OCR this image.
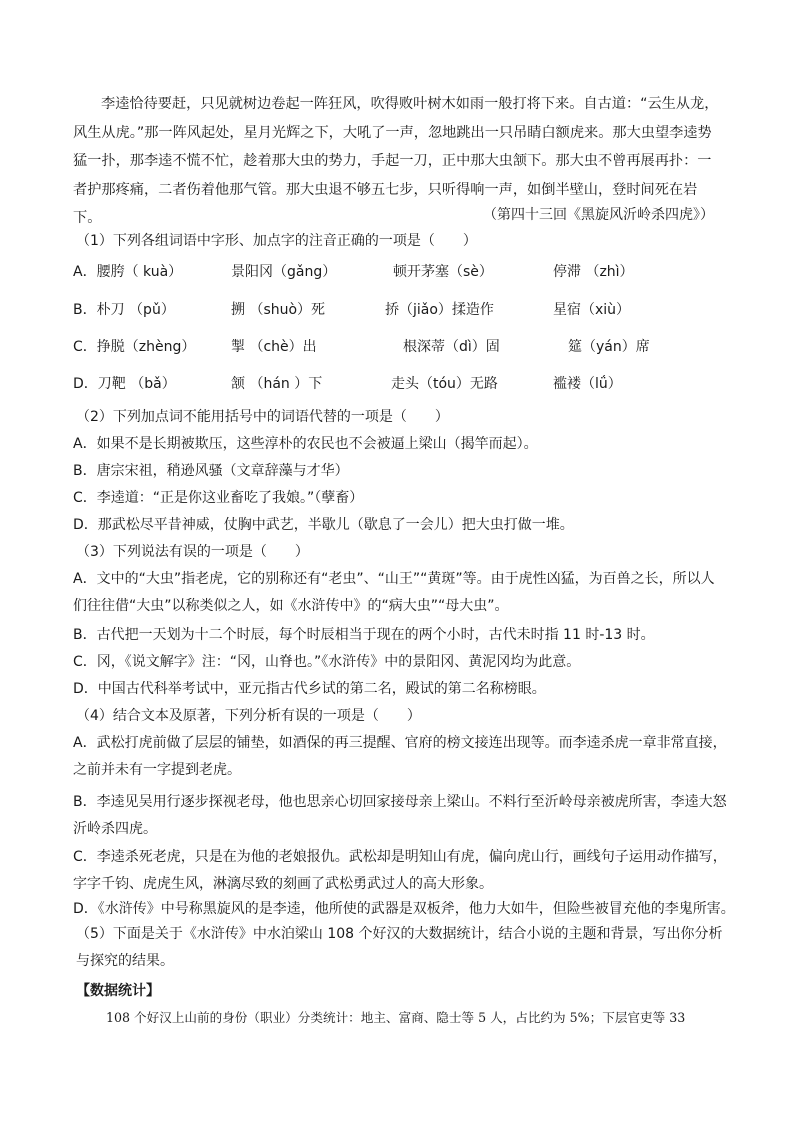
李逵恰待要赶，只见就树边卷起一阵狂风，吹得败叶树木如雨一般打将下来。自古道：“云生从龙，风生从虎。”那一阵风起处，星月光辉之下，大吼了一声，忽地跳出一只吊睛白额虎来。那大虫望李逵势猛一扑，那李逵不慌不忙，趁着那大虫的势力，手起一刀，正中那大虫颔下。那大虫不曾再展再扑：一者护那疼痛，二者伤着他那气管。那大虫退不够五七步，只听得响一声，如倒半壁山，登时间死在岩下。	（第四十三回《黑旋风沂岭杀四虎》）
（1）下列各组词语中字形、加点字的注音正确的一项是（　　）
A．腰胯（ kuà）	景阳冈（gǎng）	顿开茅塞（sè）	停滞 （zhì）
B．朴刀 （pǔ）	搠 （shuò）死	挢（jiǎo）揉造作	星宿（xiù）
C．挣脱（zhèng）	掣 （chè）出	根深蒂（dì）固	筵（yán）席
D．刀靶 （bǎ）	颔 （hán ）下	走头（tóu）无路	褴褛（lǘ）
（2）下列加点词不能用括号中的词语代替的一项是（　　）
A．如果不是长期被欺压，这些淳朴的农民也不会被逼上梁山（揭竿而起）。
B．唐宗宋祖，稍逊风骚（文章辞藻与才华）
C．李逵道：“正是你这业畜吃了我娘。”（孽畜）
D．那武松尽平昔神威，仗胸中武艺，半歇儿（歇息了一会儿）把大虫打做一堆。
（3）下列说法有误的一项是（　　）

A．文中的“大虫”指老虎，它的别称还有“老虫”、“山王”“黄斑”等。由于虎性凶猛，为百兽之长，所以人们往往借“大虫”以称类似之人，如《水浒传中》的“病大虫”“母大虫”。

B．古代把一天划为十二个时辰，每个时辰相当于现在的两个小时，古代未时指 11 时-13 时。
C．冈，《说文解字》注：“冈，山脊也。”《水浒传》中的景阳冈、黄泥冈均为此意。
D．中国古代科举考试中，亚元指古代乡试的第二名，殿试的第二名称榜眼。
（4）结合文本及原著，下列分析有误的一项是（　　）

A．武松打虎前做了层层的铺垫，如酒保的再三提醒、官府的榜文接连出现等。而李逵杀虎一章非常直接，之前并未有一字提到老虎。

B．李逵见吴用行逐步探视老母，他也思亲心切回家接母亲上梁山。不料行至沂岭母亲被虎所害，李逵大怒沂岭杀四虎。

C．李逵杀死老虎，只是在为他的老娘报仇。武松却是明知山有虎，偏向虎山行，画线句子运用动作描写，字字千钧、虎虎生风，淋漓尽致的刻画了武松勇武过人的高大形象。

D．《水浒传》中号称黑旋风的是李逵，他所使的武器是双板斧，他力大如牛，但险些被冒充他的李鬼所害。

（5）下面是关于《水浒传》中水泊梁山 108 个好汉的大数据统计，结合小说的主题和背景，写出你分析与探究的结果。

【数据统计】
108 个好汉上山前的身份（职业）分类统计：地主、富商、隐士等 5 人，占比约为 5%；下层官吏等 33
